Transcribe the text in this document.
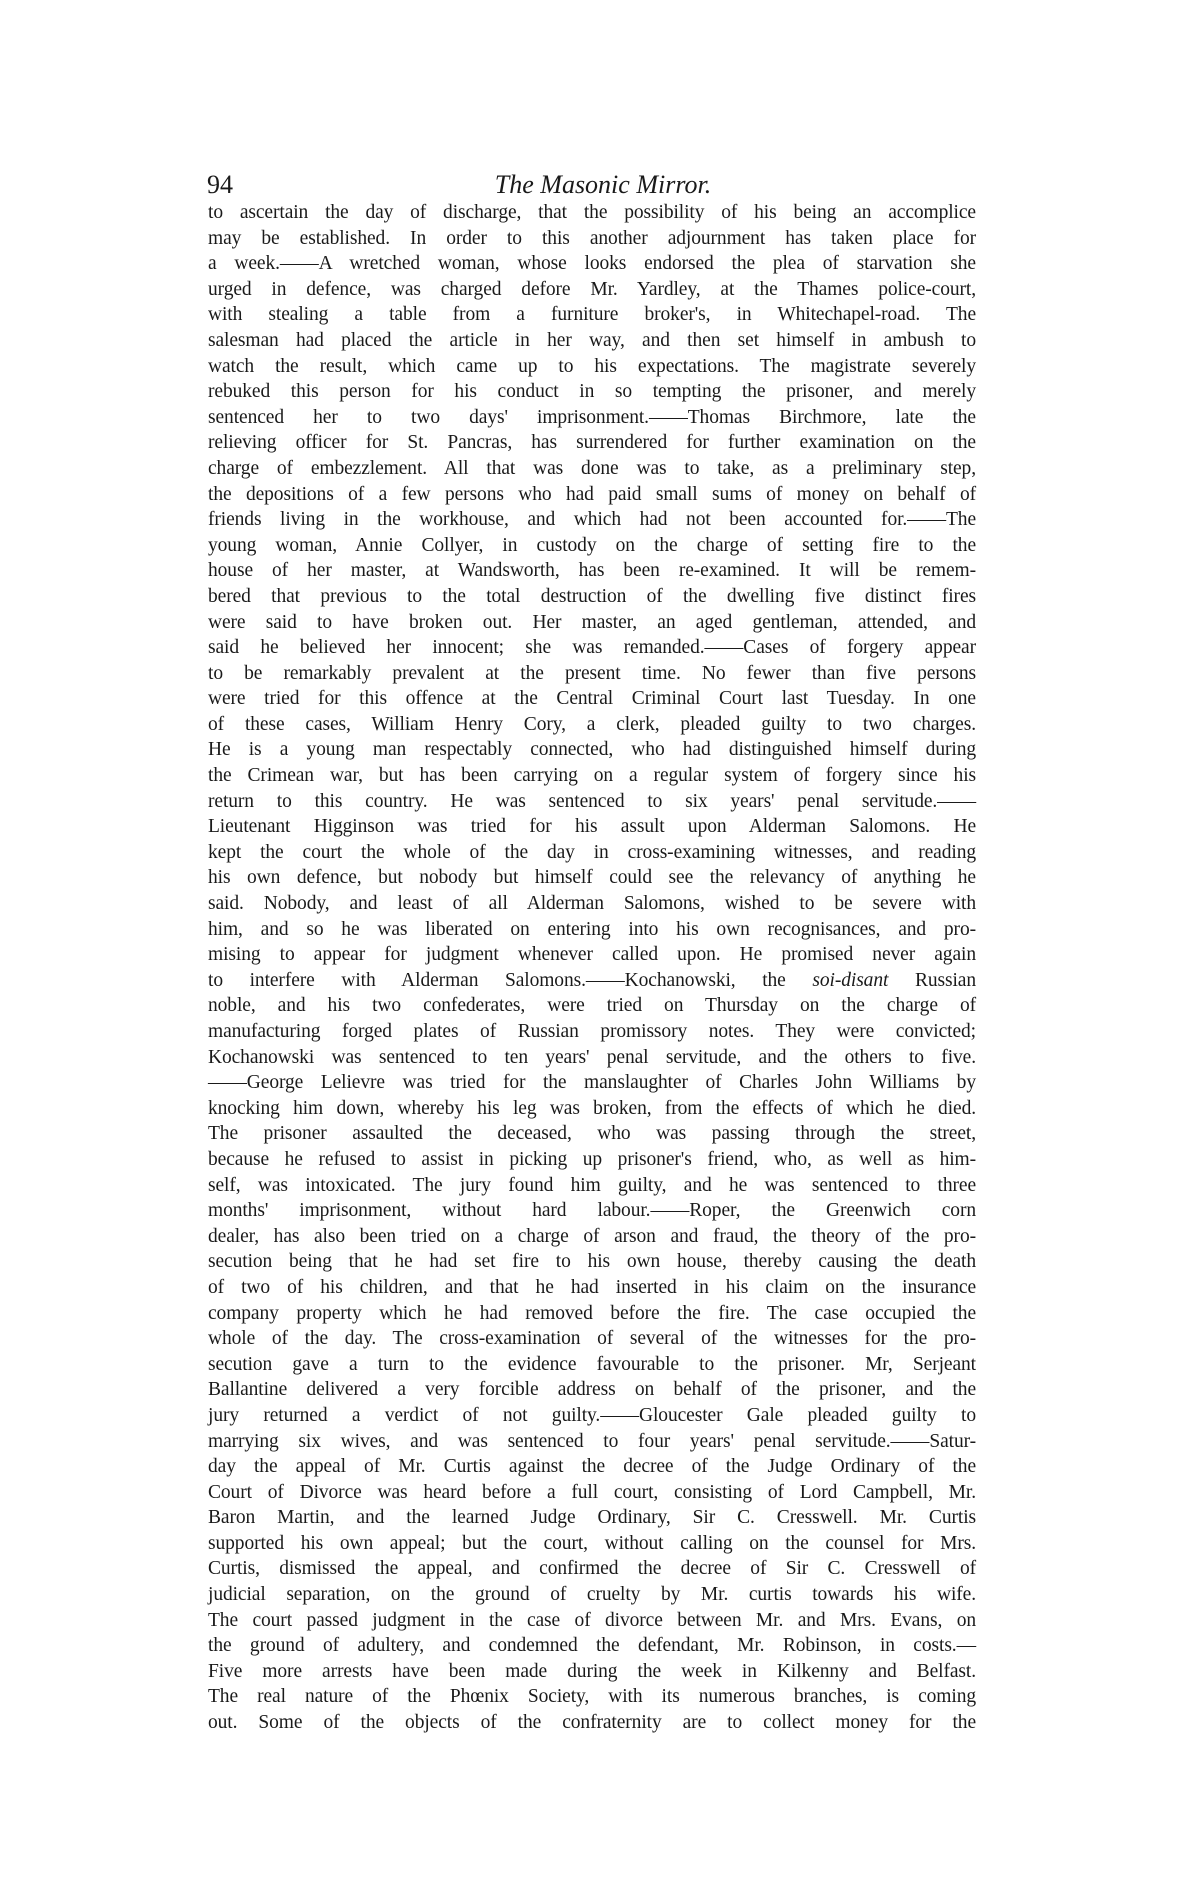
94	The Masonic Mirror.
to ascertain the day of discharge, that the possibility of his being an accomplice
may be established. In order to this another adjournment has taken place for
a week.——A wretched woman, whose looks endorsed the plea of starvation she
urged in defence, was charged defore Mr. Yardley, at the Thames police-court,
with stealing a table from a furniture broker's, in Whitechapel-road. The
salesman had placed the article in her way, and then set himself in ambush to
watch the result, which came up to his expectations. The magistrate severely
rebuked this person for his conduct in so tempting the prisoner, and merely
sentenced her to two days' imprisonment.——Thomas Birchmore, late the
relieving officer for St. Pancras, has surrendered for further examination on the
charge of embezzlement. All that was done was to take, as a preliminary step,
the depositions of a few persons who had paid small sums of money on behalf of
friends living in the workhouse, and which had not been accounted for.——The
young woman, Annie Collyer, in custody on the charge of setting fire to the
house of her master, at Wandsworth, has been re-examined. It will be remem-
bered that previous to the total destruction of the dwelling five distinct fires
were said to have broken out. Her master, an aged gentleman, attended, and
said he believed her innocent; she was remanded.——Cases of forgery appear
to be remarkably prevalent at the present time. No fewer than five persons
were tried for this offence at the Central Criminal Court last Tuesday. In one
of these cases, William Henry Cory, a clerk, pleaded guilty to two charges.
He is a young man respectably connected, who had distinguished himself during
the Crimean war, but has been carrying on a regular system of forgery since his
return to this country. He was sentenced to six years' penal servitude.——
Lieutenant Higginson was tried for his assult upon Alderman Salomons. He
kept the court the whole of the day in cross-examining witnesses, and reading
his own defence, but nobody but himself could see the relevancy of anything he
said. Nobody, and least of all Alderman Salomons, wished to be severe with
him, and so he was liberated on entering into his own recognisances, and pro-
mising to appear for judgment whenever called upon. He promised never again
to interfere with Alderman Salomons.——Kochanowski, the soi-disant Russian
noble, and his two confederates, were tried on Thursday on the charge of
manufacturing forged plates of Russian promissory notes. They were convicted;
Kochanowski was sentenced to ten years' penal servitude, and the others to five.
——George Lelievre was tried for the manslaughter of Charles John Williams by
knocking him down, whereby his leg was broken, from the effects of which he died.
The prisoner assaulted the deceased, who was passing through the street,
because he refused to assist in picking up prisoner's friend, who, as well as him-
self, was intoxicated. The jury found him guilty, and he was sentenced to three
months' imprisonment, without hard labour.——Roper, the Greenwich corn
dealer, has also been tried on a charge of arson and fraud, the theory of the pro-
secution being that he had set fire to his own house, thereby causing the death
of two of his children, and that he had inserted in his claim on the insurance
company property which he had removed before the fire. The case occupied the
whole of the day. The cross-examination of several of the witnesses for the pro-
secution gave a turn to the evidence favourable to the prisoner. Mr, Serjeant
Ballantine delivered a very forcible address on behalf of the prisoner, and the
jury returned a verdict of not guilty.——Gloucester Gale pleaded guilty to
marrying six wives, and was sentenced to four years' penal servitude.——Satur-
day the appeal of Mr. Curtis against the decree of the Judge Ordinary of the
Court of Divorce was heard before a full court, consisting of Lord Campbell, Mr.
Baron Martin, and the learned Judge Ordinary, Sir C. Cresswell. Mr. Curtis
supported his own appeal; but the court, without calling on the counsel for Mrs.
Curtis, dismissed the appeal, and confirmed the decree of Sir C. Cresswell of
judicial separation, on the ground of cruelty by Mr. curtis towards his wife.
The court passed judgment in the case of divorce between Mr. and Mrs. Evans, on
the ground of adultery, and condemned the defendant, Mr. Robinson, in costs.—
Five more arrests have been made during the week in Kilkenny and Belfast.
The real nature of the Phœnix Society, with its numerous branches, is coming
out. Some of the objects of the confraternity are to collect money for the
